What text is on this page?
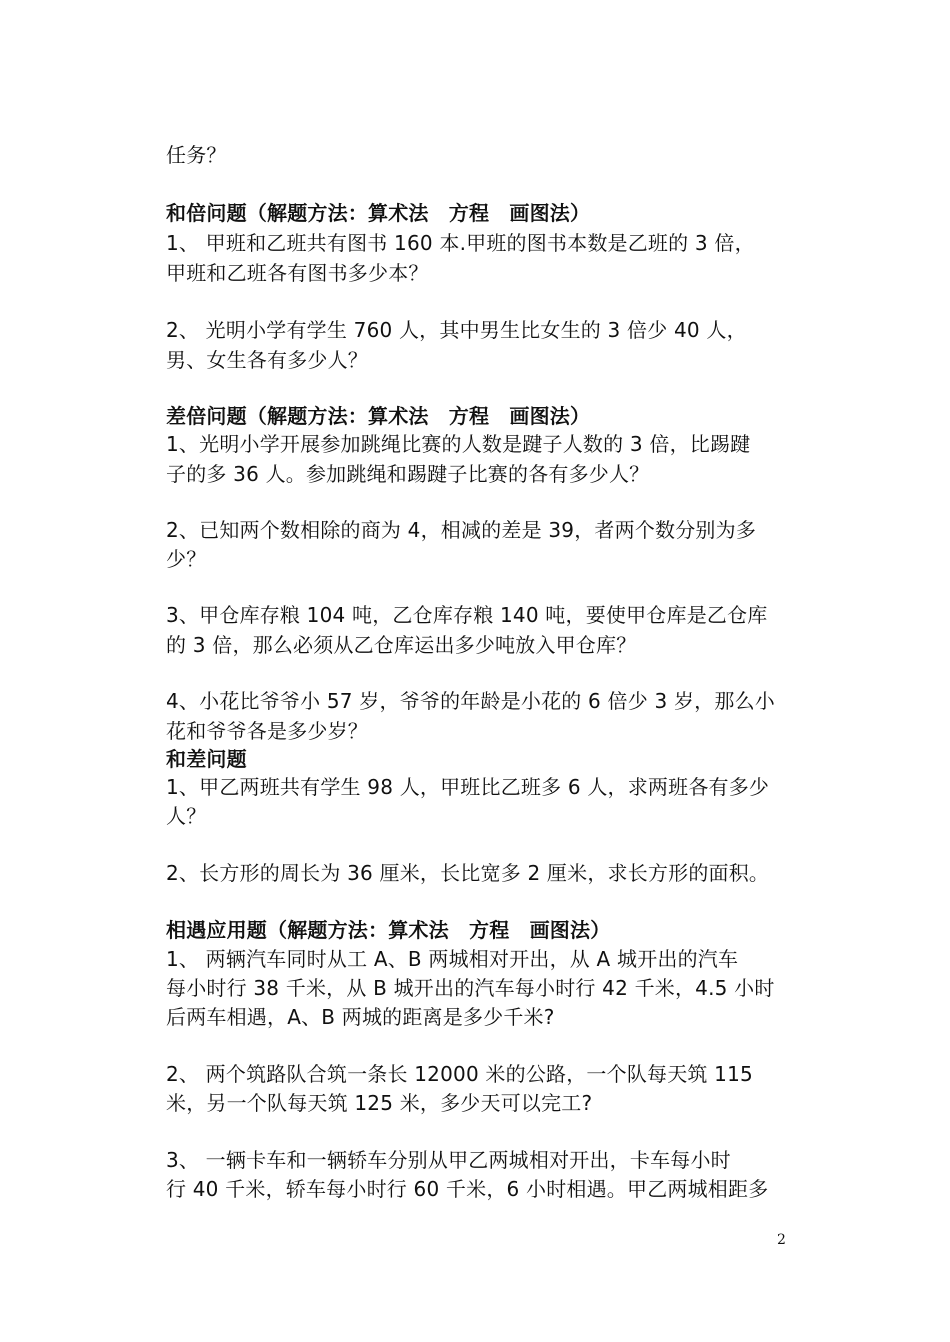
任务？
和倍问题（解题方法：算术法　方程　画图法）
1、 甲班和乙班共有图书 160 本.甲班的图书本数是乙班的 3 倍，
甲班和乙班各有图书多少本？
2、 光明小学有学生 760 人，其中男生比女生的 3 倍少 40 人，
男、女生各有多少人？
差倍问题（解题方法：算术法　方程　画图法）
1、光明小学开展参加跳绳比赛的人数是踺子人数的 3 倍，比踢踺
子的多 36 人。参加跳绳和踢踺子比赛的各有多少人？
2、已知两个数相除的商为 4，相减的差是 39，者两个数分别为多
少？
3、甲仓库存粮 104 吨，乙仓库存粮 140 吨，要使甲仓库是乙仓库
的 3 倍，那么必须从乙仓库运出多少吨放入甲仓库？
4、小花比爷爷小 57 岁，爷爷的年龄是小花的 6 倍少 3 岁，那么小
花和爷爷各是多少岁？
和差问题
1、甲乙两班共有学生 98 人，甲班比乙班多 6 人，求两班各有多少
人？
2、长方形的周长为 36 厘米，长比宽多 2 厘米，求长方形的面积。
相遇应用题（解题方法：算术法　方程　画图法）
1、 两辆汽车同时从工 A、B 两城相对开出，从 A 城开出的汽车
每小时行 38 千米，从 B 城开出的汽车每小时行 42 千米，4.5 小时
后两车相遇，A、B 两城的距离是多少千米?
2、 两个筑路队合筑一条长 12000 米的公路，一个队每天筑 115
米，另一个队每天筑 125 米，多少天可以完工?
3、 一辆卡车和一辆轿车分别从甲乙两城相对开出，卡车每小时
行 40 千米，轿车每小时行 60 千米，6 小时相遇。甲乙两城相距多
2
